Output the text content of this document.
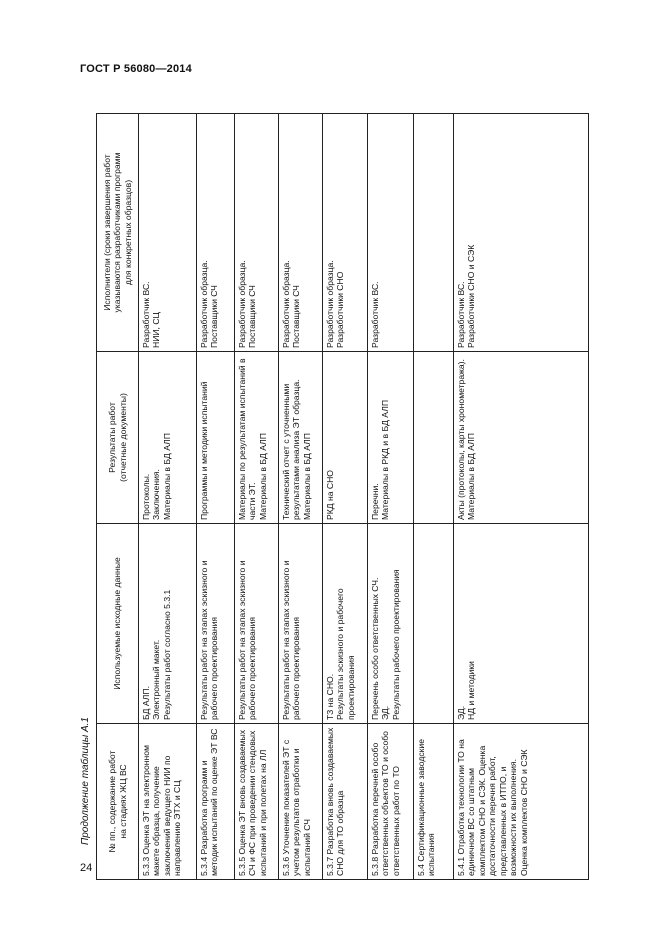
ГОСТ Р 56080—2014
Продолжение таблицы А.1
24
№ пп., содержание работ
на стадиях ЖЦ ВС	Используемые исходные данные	Результаты работ
(отчетные документы)	Исполнители (сроки завершения работ
указываются разработчиками программ
для конкретных образцов)
5.3.3 Оценка ЭТ на электронном макете образца, получение заключений ведущего НИИ по направлению ЭТХ и СЦ	БД АЛП.
Электронный макет.
Результаты работ согласно 5.3.1	Протоколы.
Заключения.
Материалы в БД АЛП	Разработчик ВС.
НИИ, СЦ
5.3.4 Разработка программ и методик испытаний по оценке ЭТ ВС	Результаты работ на этапах эскизного и рабочего проектирования	Программы и методики испытаний	Разработчик образца.
Поставщики СЧ
5.3.5 Оценка ЭТ вновь создаваемых СЧ и ФС при проведении стендовых испытаний и при полетах на ЛЛ	Результаты работ на этапах эскизного и рабочего проектирования	Материалы по результатам испытаний в части ЭТ.
Материалы в БД АЛП	Разработчик образца.
Поставщики СЧ
5.3.6 Уточнение показателей ЭТ с учетом результатов отработки и испытаний СЧ	Результаты работ на этапах эскизного и рабочего проектирования	Технический отчет с уточненными результатами анализа ЭТ образца.
Материалы в БД АЛП	Разработчик образца.
Поставщики СЧ
5.3.7 Разработка вновь создаваемых СНО для ТО образца	ТЗ на СНО.
Результаты эскизного и рабочего проектирования	РКД на СНО	Разработчик образца.
Разработчики СНО
5.3.8 Разработка перечней особо ответственных объектов ТО и особо ответственных работ по ТО	Перечень особо ответственных СЧ.
ЭД.
Результаты рабочего проектирования	Перечни.
Материалы в РКД и в БД АЛП	Разработчик ВС.
5.4 Сертификационные заводские испытания			
5.4.1 Отработка технологии ТО на единичном ВС со штатным комплектом СНО и СЭК. Оценка достаточности перечня работ, представленных в ИТПО, и возможности их выполнения. Оценка комплектов СНО и СЭК	ЭД.
НД и методики	Акты (протоколы, карты хронометража).
Материалы в БД АЛП	Разработчик ВС.
Разработчики СНО и СЭК
